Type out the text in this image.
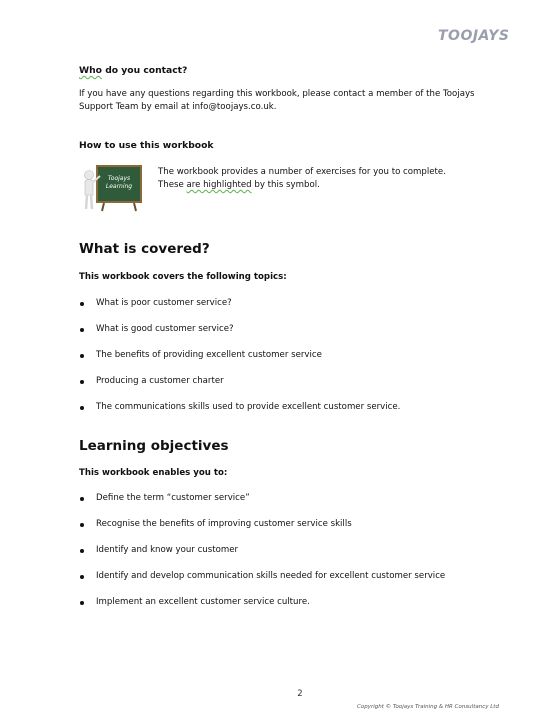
TOOJAYS
Who do you contact?
If you have any questions regarding this workbook, please contact a member of the Toojays
Support Team by email at info@toojays.co.uk.
How to use this workbook
Toojays
Learning
The workbook provides a number of exercises for you to complete.
These are highlighted by this symbol.
What is covered?
This workbook covers the following topics:
What is poor customer service?
What is good customer service?
The benefits of providing excellent customer service
Producing a customer charter
The communications skills used to provide excellent customer service.
Learning objectives
This workbook enables you to:
Define the term “customer service”
Recognise the benefits of improving customer service skills
Identify and know your customer
Identify and develop communication skills needed for excellent customer service
Implement an excellent customer service culture.
2
Copyright © Toojays Training & HR Consultancy Ltd
